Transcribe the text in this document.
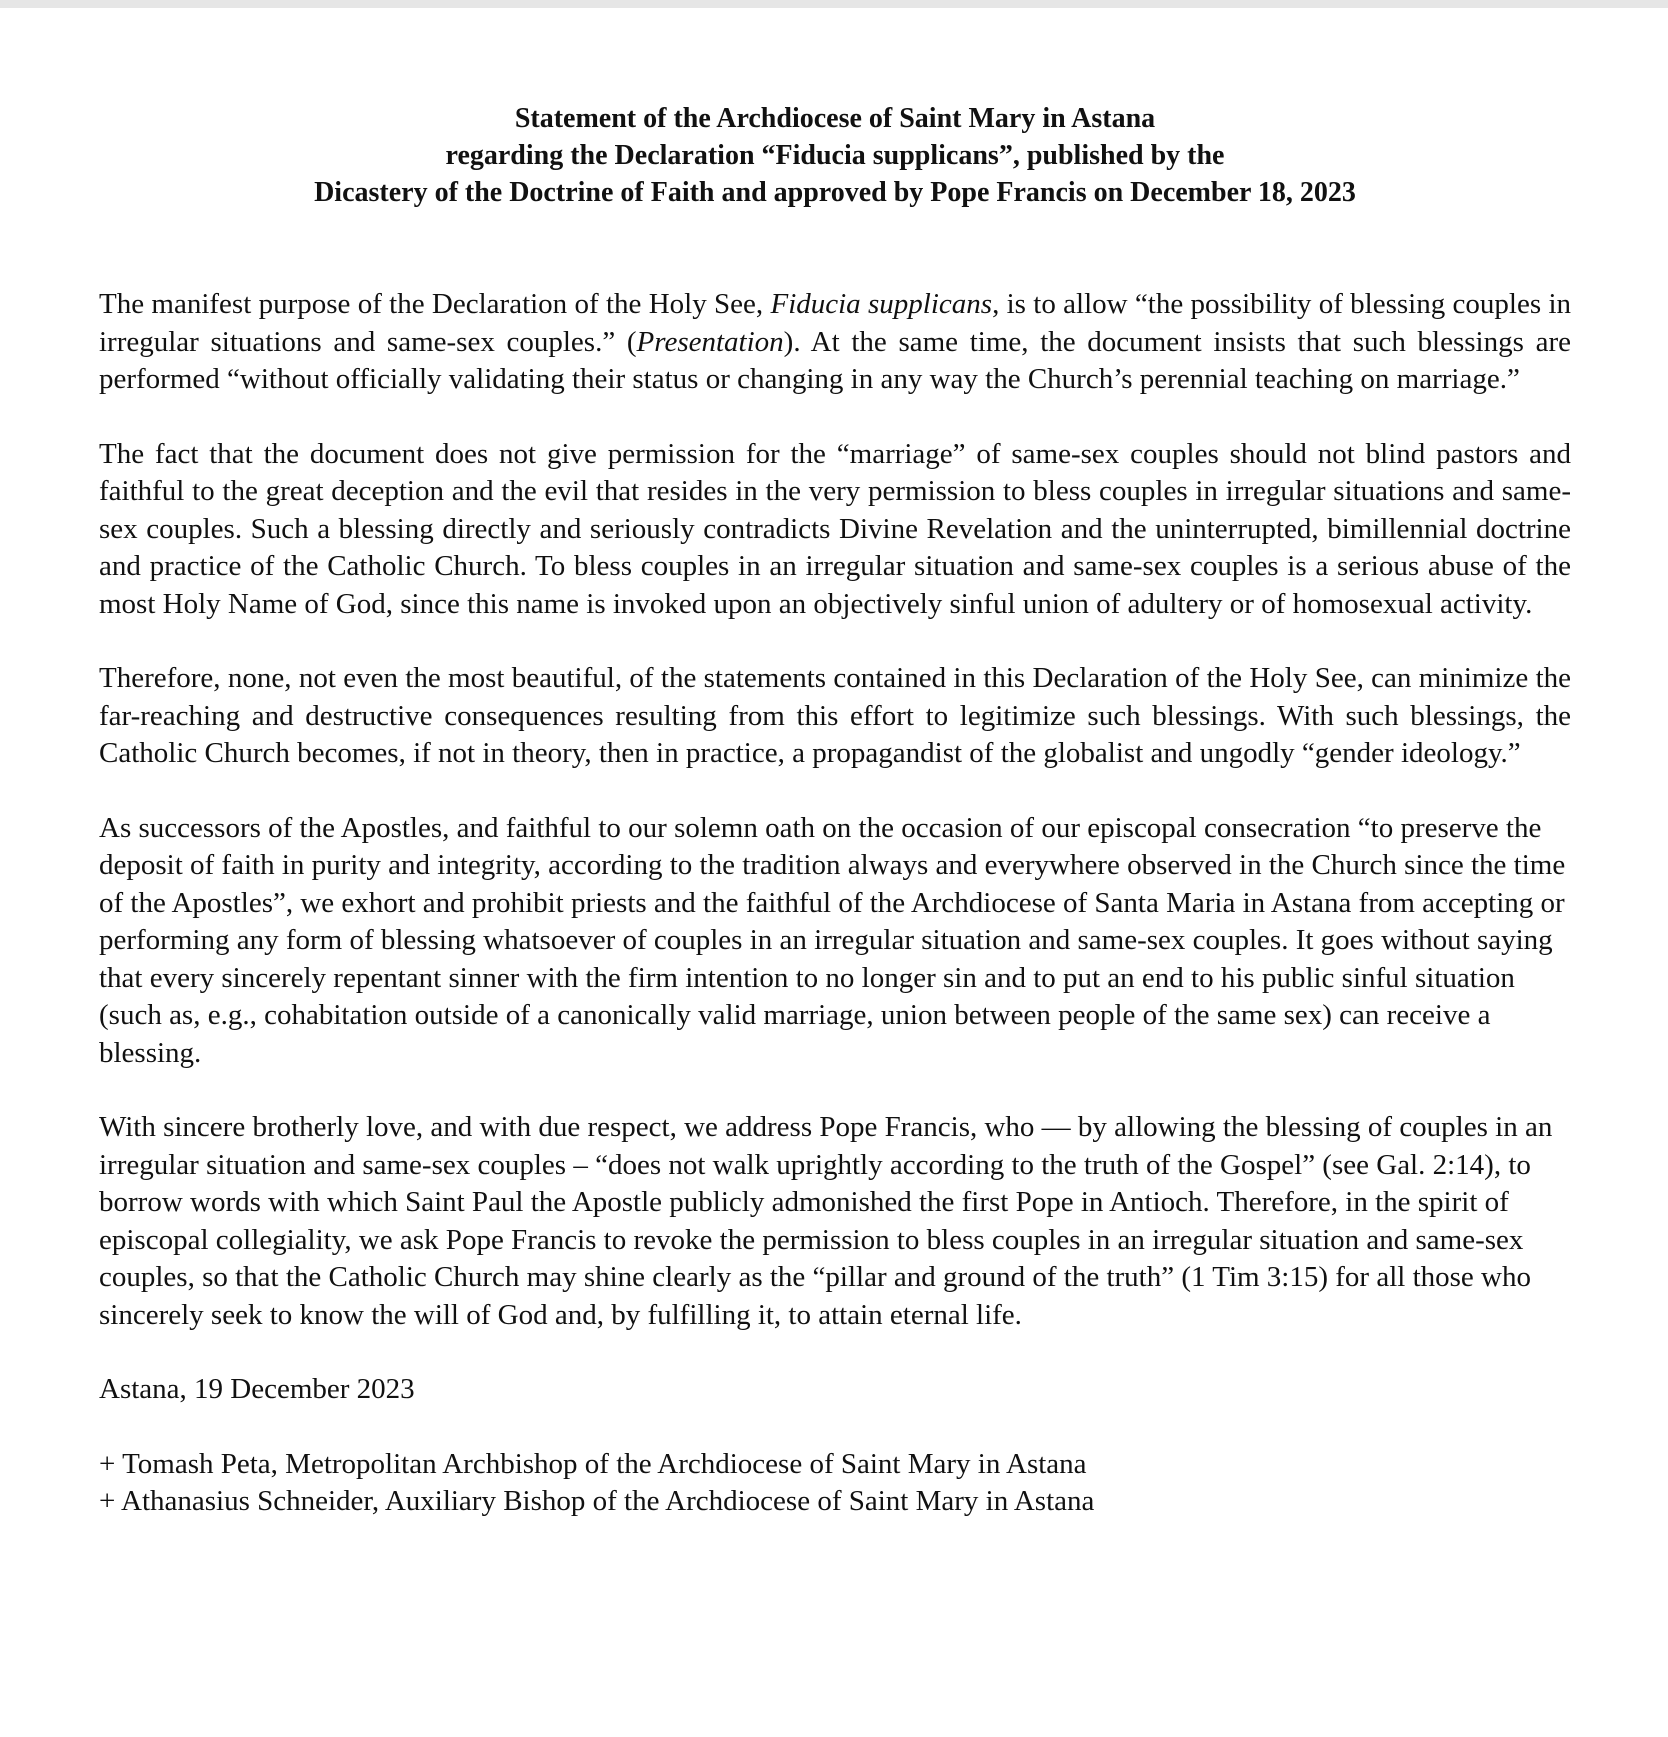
Statement of the Archdiocese of Saint Mary in Astana
regarding the Declaration “Fiducia supplicans”, published by the
Dicastery of the Doctrine of Faith and approved by Pope Francis on December 18, 2023

The manifest purpose of the Declaration of the Holy See, Fiducia supplicans, is to allow “the possibility of blessing couples in irregular situations and same-sex couples.” (Presentation). At the same time, the document insists that such blessings are performed “without officially validating their status or changing in any way the Church’s perennial teaching on marriage.”

The fact that the document does not give permission for the “marriage” of same-sex couples should not blind pastors and faithful to the great deception and the evil that resides in the very permission to bless couples in irregular situations and same-sex couples. Such a blessing directly and seriously contradicts Divine Revelation and the uninterrupted, bimillennial doctrine and practice of the Catholic Church. To bless couples in an irregular situation and same-sex couples is a serious abuse of the most Holy Name of God, since this name is invoked upon an objectively sinful union of adultery or of homosexual activity.

Therefore, none, not even the most beautiful, of the statements contained in this Declaration of the Holy See, can minimize the far-reaching and destructive consequences resulting from this effort to legitimize such blessings. With such blessings, the Catholic Church becomes, if not in theory, then in practice, a propagandist of the globalist and ungodly “gender ideology.”

As successors of the Apostles, and faithful to our solemn oath on the occasion of our episcopal consecration “to preserve the deposit of faith in purity and integrity, according to the tradition always and everywhere observed in the Church since the time of the Apostles”, we exhort and prohibit priests and the faithful of the Archdiocese of Santa Maria in Astana from accepting or performing any form of blessing whatsoever of couples in an irregular situation and same-sex couples. It goes without saying that every sincerely repentant sinner with the firm intention to no longer sin and to put an end to his public sinful situation (such as, e.g., cohabitation outside of a canonically valid marriage, union between people of the same sex) can receive a blessing.

With sincere brotherly love, and with due respect, we address Pope Francis, who — by allowing the blessing of couples in an irregular situation and same-sex couples – “does not walk uprightly according to the truth of the Gospel” (see Gal. 2:14), to borrow words with which Saint Paul the Apostle publicly admonished the first Pope in Antioch. Therefore, in the spirit of episcopal collegiality, we ask Pope Francis to revoke the permission to bless couples in an irregular situation and same-sex couples, so that the Catholic Church may shine clearly as the “pillar and ground of the truth” (1 Tim 3:15) for all those who sincerely seek to know the will of God and, by fulfilling it, to attain eternal life.

Astana, 19 December 2023

+ Tomash Peta, Metropolitan Archbishop of the Archdiocese of Saint Mary in Astana
+ Athanasius Schneider, Auxiliary Bishop of the Archdiocese of Saint Mary in Astana
